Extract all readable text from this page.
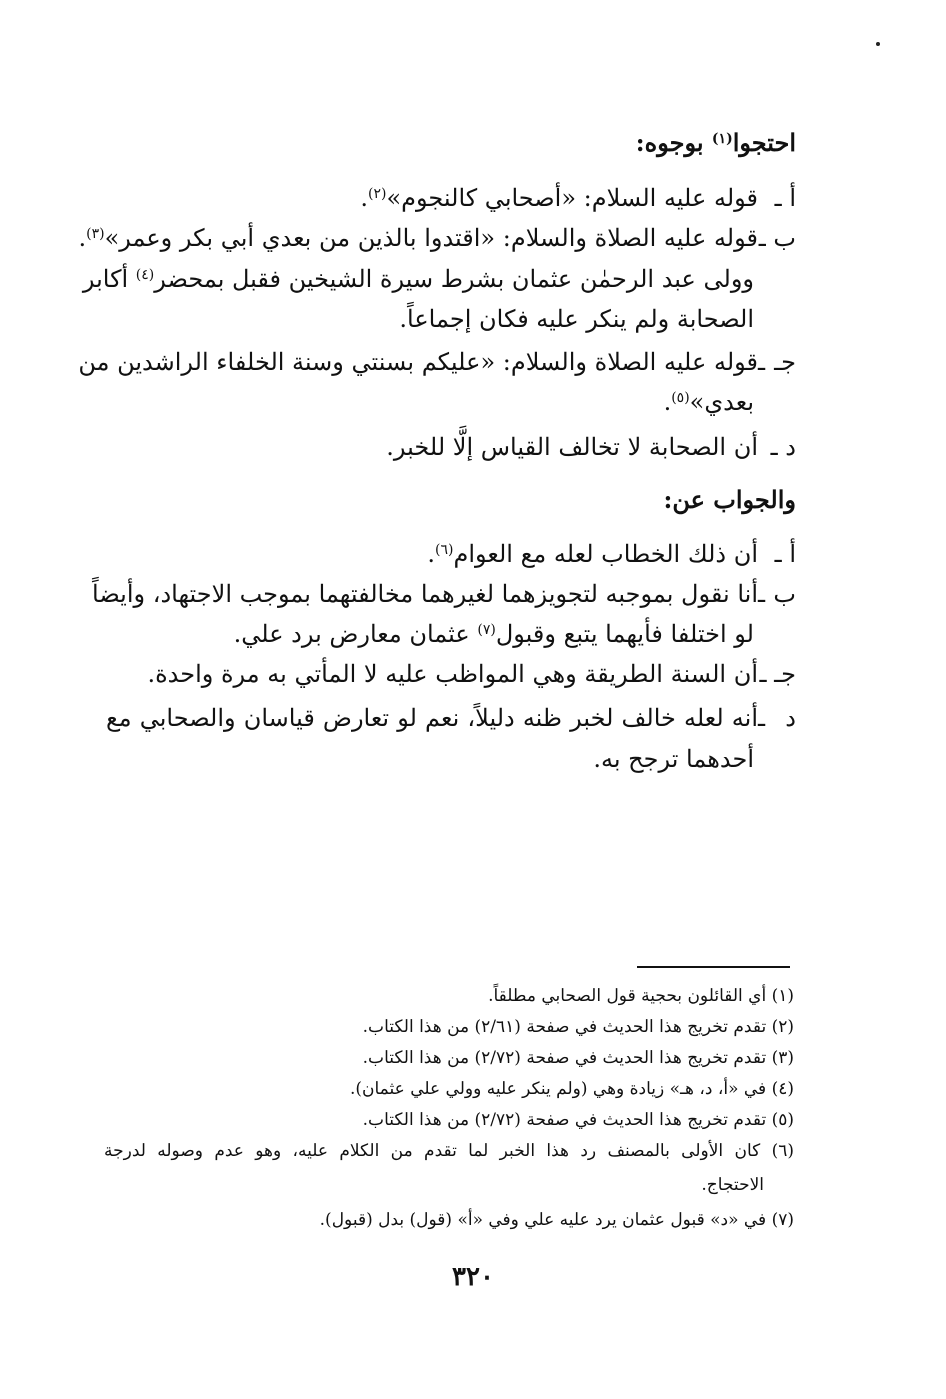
احتجوا$^{(١)}$ بوجوه:
أ ـقوله عليه السلام: «أصحابي كالنجوم»$^{(٢)}$.
ب ـقوله عليه الصلاة والسلام: «اقتدوا بالذين من بعدي أبي بكر وعمر»$^{(٣)}$.
وولى عبد الرحمٰن عثمان بشرط سيرة الشيخين فقبل بمحضر$^{(٤)}$ أكابر
الصحابة ولم ينكر عليه فكان إجماعاً.
جـ ـقوله عليه الصلاة والسلام: «عليكم بسنتي وسنة الخلفاء الراشدين من
بعدي»$^{(٥)}$.
د ـأن الصحابة لا تخالف القياس إلَّا للخبر.
والجواب عن:
أ ـأن ذلك الخطاب لعله مع العوام$^{(٦)}$.
ب ـأنا نقول بموجبه لتجويزهما لغيرهما مخالفتهما بموجب الاجتهاد، وأيضاً
لو اختلفا فأيهما يتبع وقبول$^{(٧)}$ عثمان معارض برد علي.
جـ ـأن السنة الطريقة وهي المواظب عليه لا المأتي به مرة واحدة.
د ـأنه لعله خالف لخبر ظنه دليلاً، نعم لو تعارض قياسان والصحابي مع
أحدهما ترجح به.
(١) أي القائلون بحجية قول الصحابي مطلقاً.
(٢) تقدم تخريج هذا الحديث في صفحة (٢/٦١) من هذا الكتاب.
(٣) تقدم تخريج هذا الحديث في صفحة (٢/٧٢) من هذا الكتاب.
(٤) في «أ، د، هـ» زيادة وهي (ولم ينكر عليه وولي علي عثمان).
(٥) تقدم تخريج هذا الحديث في صفحة (٢/٧٢) من هذا الكتاب.
(٦) كان الأولى بالمصنف رد هذا الخبر لما تقدم من الكلام عليه، وهو عدم وصوله لدرجة
الاحتجاج.
(٧) في «د» قبول عثمان يرد عليه علي وفي «أ» (قول) بدل (قبول).
٣٢٠
